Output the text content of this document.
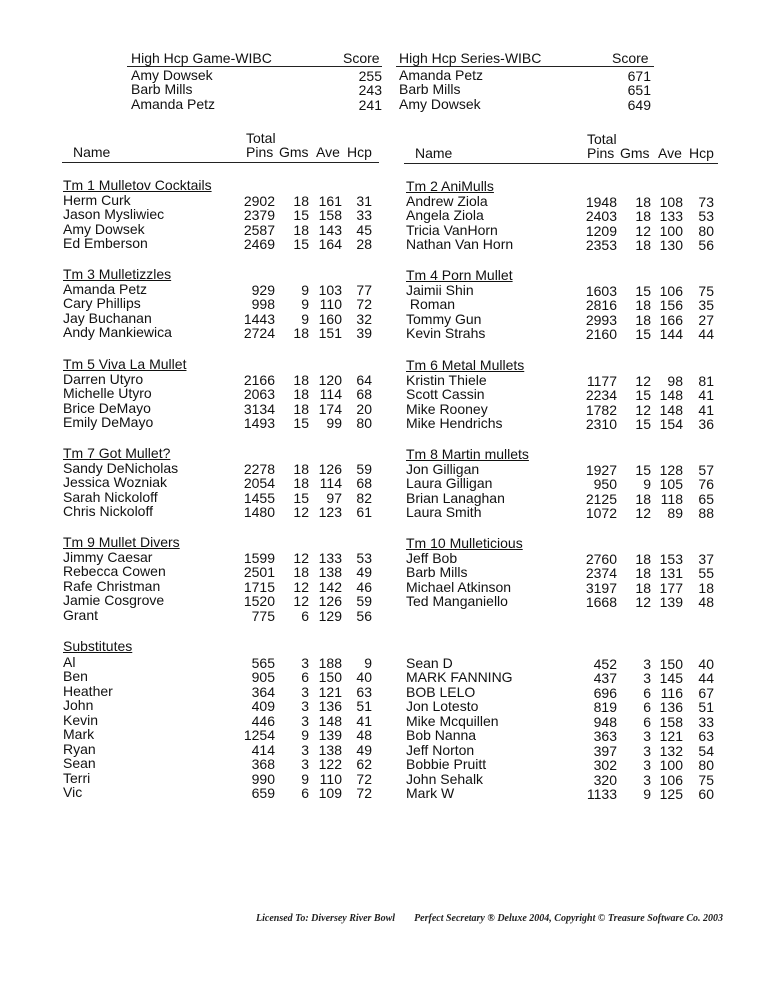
High Hcp Game-WIBC	Score
Amy Dowsek	255
Barb Mills	243
Amanda Petz	241
High Hcp Series-WIBC	Score
Amanda Petz	671
Barb Mills	651
Amy Dowsek	649
Total
Name	Pins Gms Ave Hcp
Total
Name	Pins Gms Ave Hcp
Tm 1 Mulletov Cocktails
Herm Curk	2902	18 161	31
Jason Mysliwiec	2379	15 158	33
Amy Dowsek	2587	18 143	45
Ed Emberson	2469	15 164	28
Tm 3 Mulletizzles
Amanda Petz	929	9 103	77
Cary Phillips	998	9 110	72
Jay Buchanan	1443	9 160	32
Andy Mankiewica	2724	18 151	39
Tm 5 Viva La Mullet
Darren Utyro	2166	18 120	64
Michelle Utyro	2063	18 114	68
Brice DeMayo	3134	18 174	20
Emily DeMayo	1493	15	99	80
Tm 7 Got Mullet?
Sandy DeNicholas	2278	18 126	59
Jessica Wozniak	2054	18 114	68
Sarah Nickoloff	1455	15	97	82
Chris Nickoloff	1480	12 123	61
Tm 9 Mullet Divers
Jimmy Caesar	1599	12 133	53
Rebecca Cowen	2501	18 138	49
Rafe Christman	1715	12 142	46
Jamie Cosgrove	1520	12 126	59
Grant	775	6 129	56
Tm 2 AniMulls
Andrew Ziola	1948	18 108	73
Angela Ziola	2403	18 133	53
Tricia VanHorn	1209	12 100	80
Nathan Van Horn	2353	18 130	56
Tm 4 Porn Mullet
Jaimii Shin	1603	15 106	75
Roman	2816	18 156	35
Tommy Gun	2993	18 166	27
Kevin Strahs	2160	15 144	44
Tm 6 Metal Mullets
Kristin Thiele	1177	12	98	81
Scott Cassin	2234	15 148	41
Mike Rooney	1782	12 148	41
Mike Hendrichs	2310	15 154	36
Tm 8 Martin mullets
Jon Gilligan	1927	15 128	57
Laura Gilligan	950	9 105	76
Brian Lanaghan	2125	18 118	65
Laura Smith	1072	12	89	88
Tm 10 Mulleticious
Jeff Bob	2760	18 153	37
Barb Mills	2374	18 131	55
Michael Atkinson	3197	18 177	18
Ted Manganiello	1668	12 139	48
Substitutes
Al	565	3 188	9
Ben	905	6 150	40
Heather	364	3 121	63
John	409	3 136	51
Kevin	446	3 148	41
Mark	1254	9 139	48
Ryan	414	3 138	49
Sean	368	3 122	62
Terri	990	9 110	72
Vic	659	6 109	72
Sean D	452	3 150	40
MARK FANNING	437	3 145	44
BOB LELO	696	6 116	67
Jon Lotesto	819	6 136	51
Mike Mcquillen	948	6 158	33
Bob Nanna	363	3 121	63
Jeff Norton	397	3 132	54
Bobbie Pruitt	302	3 100	80
John Sehalk	320	3 106	75
Mark W	1133	9 125	60
Licensed To: Diversey River Bowl Perfect Secretary ® Deluxe 2004, Copyright © Treasure Software Co. 2003
